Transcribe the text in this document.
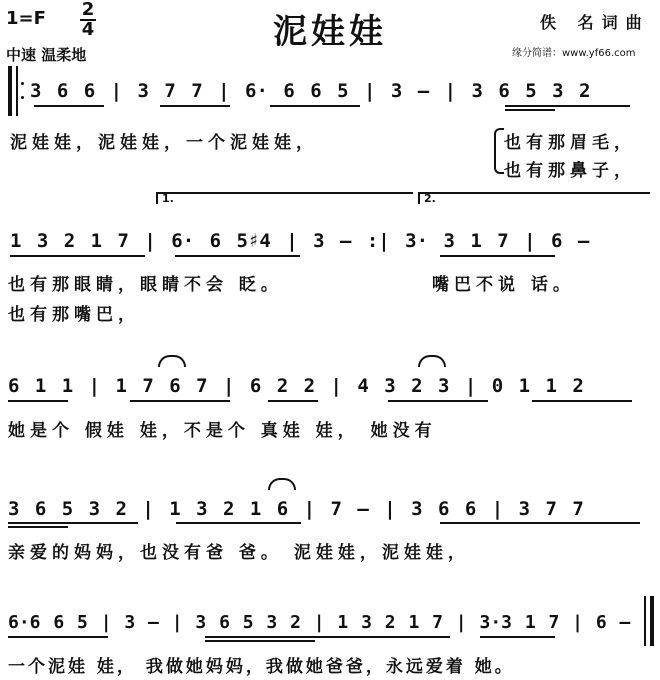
1=F 2
4	泥娃娃	佚 名词曲
缘分简谱：www.yf66.com
中速 温柔地
3 6 6 | 3 7 7 | 6· 6 6 5 | 3 – | 3 6 5 3 2
泥娃娃，泥娃娃，一个泥娃娃，	也有那眉毛，
也有那鼻子，
1.	2.
1 3 2 1 7 | 6· 6 5♯4 | 3 – :| 3· 3 1 7 | 6 –
也有那眼睛，眼睛不会 眨。	嘴巴不说 话。
也有那嘴巴，
6 1 1 | 1 7 6 7 | 6 2 2 | 4 3 2 3 | 0 1 1 2
她是个 假娃 娃，不是个 真娃 娃， 她没有
3 6 5 3 2 | 1 3 2 1 6 | 7 – | 3 6 6 | 3 7 7
亲爱的妈妈，也没有爸 爸。 泥娃娃，泥娃娃，
6·6 6 5 | 3 – | 3 6 5 3 2 | 1 3 2 1 7 | 3·3 1 7 | 6 –
一个泥娃 娃， 我做她妈妈，我做她爸爸，永远爱着 她。
